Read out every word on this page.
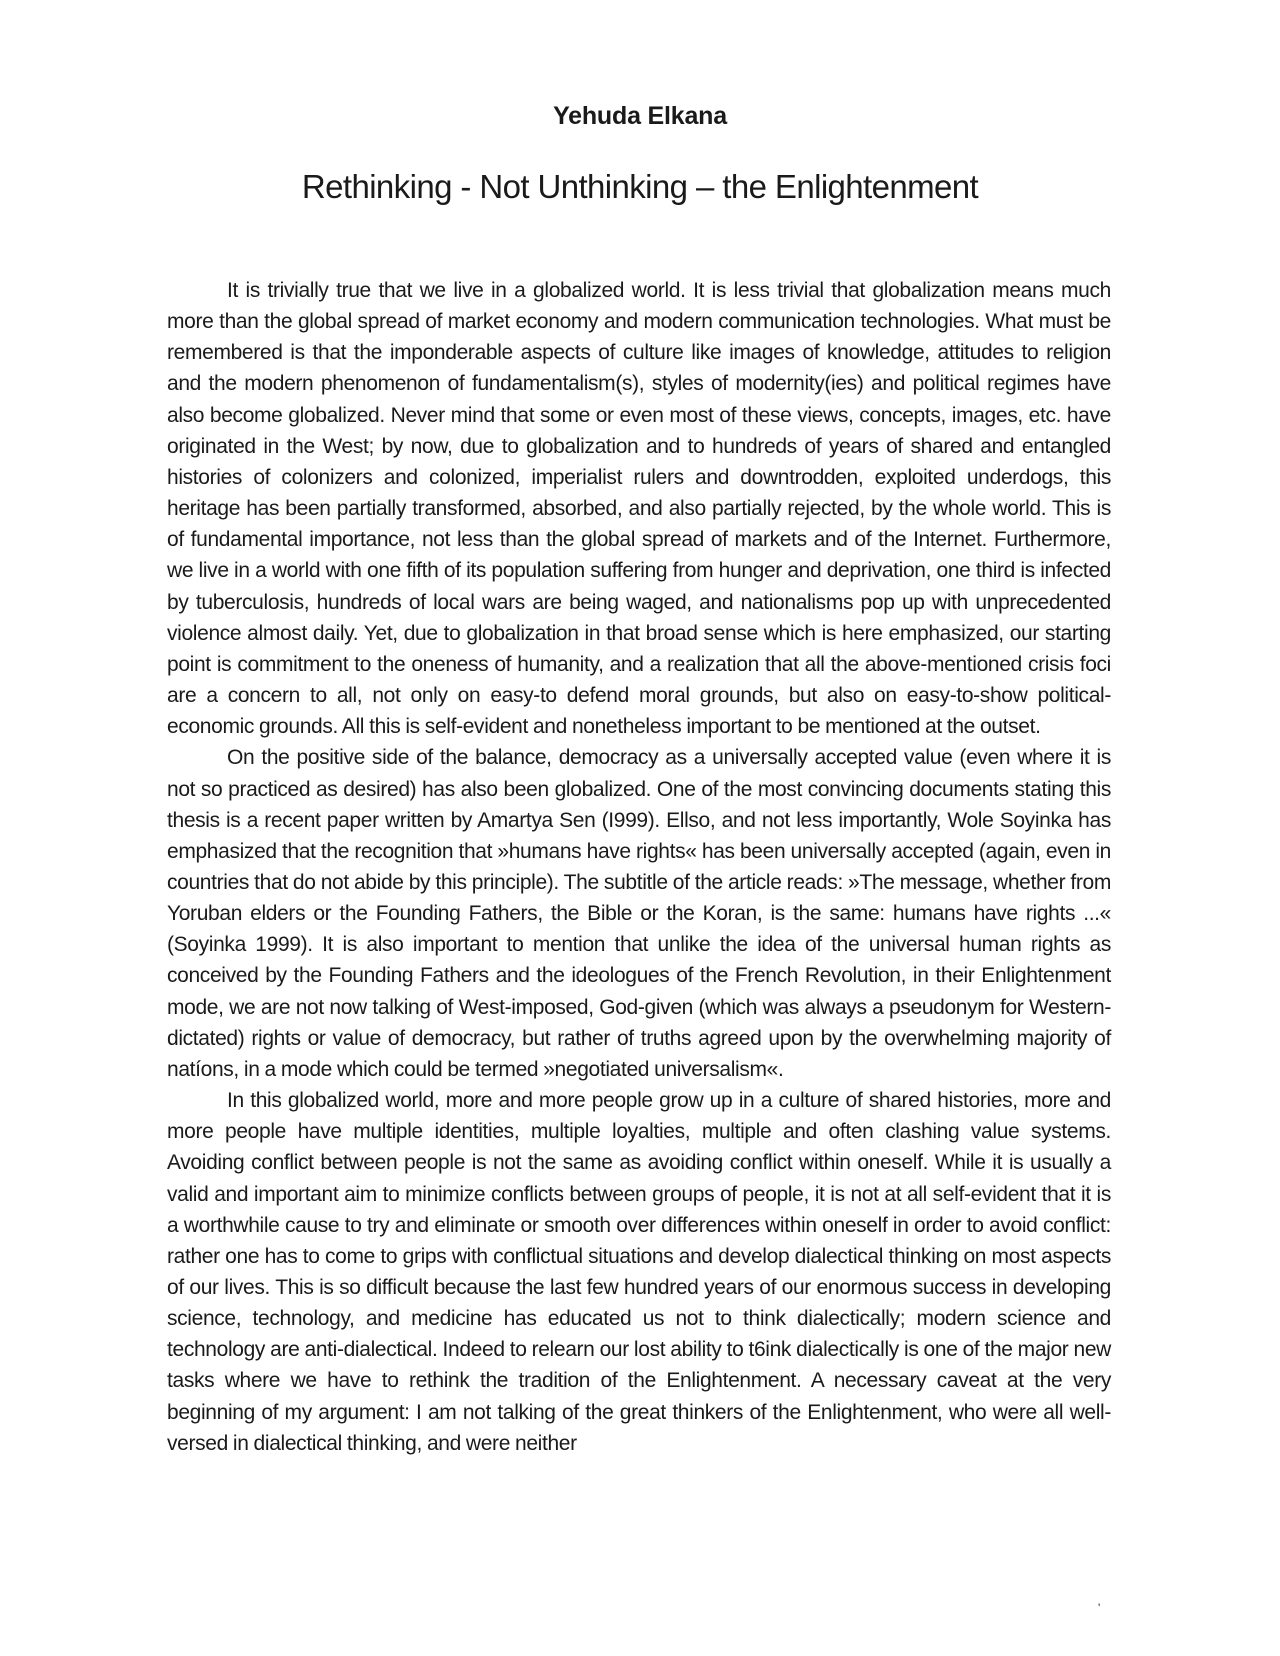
Yehuda Elkana
Rethinking - Not Unthinking – the Enlightenment

It is trivially true that we live in a globalized world. It is less trivial that globalization means much more than the global spread of market economy and modern communication technologies. What must be remembered is that the imponderable aspects of culture like images of knowledge, attitudes to religion and the modern phenomenon of fundamentalism(s), styles of modernity(ies) and political regimes have also become globalized. Never mind that some or even most of these views, concepts, images, etc. have originated in the West; by now, due to globalization and to hundreds of years of shared and entangled histories of colonizers and colonized, imperialist rulers and downtrodden, exploited underdogs, this heritage has been partially transformed, absorbed, and also partially rejected, by the whole world. This is of fundamental importance, not less than the global spread of markets and of the Internet. Furthermore, we live in a world with one fifth of its population suffering from hunger and deprivation, one third is infected by tuberculosis, hundreds of local wars are being waged, and nationalisms pop up with unprecedented violence almost daily. Yet, due to globalization in that broad sense which is here emphasized, our starting point is commitment to the oneness of humanity, and a realization that all the above-mentioned crisis foci are a concern to all, not only on easy-to defend moral grounds, but also on easy-to-show political-economic grounds. All this is self-evident and nonetheless important to be mentioned at the outset.

On the positive side of the balance, democracy as a universally accepted value (even where it is not so practiced as desired) has also been globalized. One of the most convincing documents stating this thesis is a recent paper written by Amartya Sen (I999). Ellso, and not less importantly, Wole Soyinka has emphasized that the recognition that »humans have rights« has been universally accepted (again, even in countries that do not abide by this principle). The subtitle of the article reads: »The message, whether from Yoruban elders or the Founding Fathers, the Bible or the Koran, is the same: humans have rights ...« (Soyinka 1999). It is also important to mention that unlike the idea of the universal human rights as conceived by the Founding Fathers and the ideologues of the French Revolution, in their Enlightenment mode, we are not now talking of West-imposed, God-given (which was always a pseudonym for Western-dictated) rights or value of democracy, but rather of truths agreed upon by the overwhelming majority of natíons, in a mode which could be termed »negotiated universalism«.

In this globalized world, more and more people grow up in a culture of shared histories, more and more people have multiple identities, multiple loyalties, multiple and often clashing value systems. Avoiding conflict between people is not the same as avoiding conflict within oneself. While it is usually a valid and important aim to minimize conflicts between groups of people, it is not at all self-evident that it is a worthwhile cause to try and eliminate or smooth over differences within oneself in order to avoid conflict: rather one has to come to grips with conflictual situations and develop dialectical thinking on most aspects of our lives. This is so difficult because the last few hundred years of our enormous success in developing science, technology, and medicine has educated us not to think dialectically; modern science and technology are anti-dialectical. Indeed to relearn our lost ability to t6ink dialectically is one of the major new tasks where we have to rethink the tradition of the Enlightenment. A necessary caveat at the very beginning of my argument: I am not talking of the great thinkers of the Enlightenment, who were all well-versed in dialectical thinking, and were neither

'
